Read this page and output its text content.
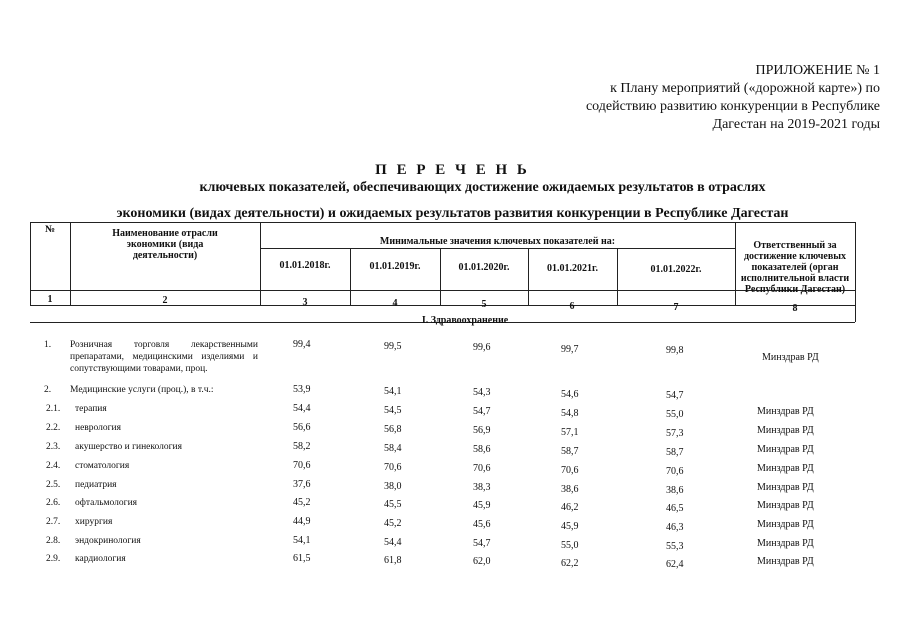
ПРИЛОЖЕНИЕ № 1
к Плану мероприятий («дорожной карте») по
содействию развитию конкуренции в Республике
Дагестан на 2019-2021 годы
П Е Р Е Ч Е Н Ь
ключевых показателей, обеспечивающих достижение ожидаемых результатов в отраслях
экономики (видах деятельности) и ожидаемых результатов развития конкуренции в Республике Дагестан
№	Наименование отрасли экономики (вида деятельности)
Минимальные значения ключевых показателей на:	Ответственный за достижение ключевых показателей (орган исполнительной власти Республики Дагестан)
01.01.2018г.	01.01.2019г.	01.01.2020г.	01.01.2021г.	01.01.2022г.
1	2	3	4	5	6	7	8
I. Здравоохранение
1. Розничная торговля лекарственными препаратами, медицинскими изделиями и сопутствующими товарами, проц.
99,4	99,5	99,6	99,7	99,8
Минздрав РД
2. Медицинские услуги (проц.), в т.ч.:	53,9	54,1	54,3	54,6	54,7
2.1. терапия	54,4	54,5	54,7	54,8	55,0	Минздрав РД
2.2. неврология	56,6	56,8	56,9	57,1	57,3	Минздрав РД
2.3. акушерство и гинекология	58,2	58,4	58,6	58,7	58,7	Минздрав РД
2.4. стоматология	70,6	70,6	70,6	70,6	70,6	Минздрав РД
2.5. педиатрия	37,6	38,0	38,3	38,6	38,6	Минздрав РД
2.6. офтальмология	45,2	45,5	45,9	46,2	46,5	Минздрав РД
2.7. хирургия	44,9	45,2	45,6	45,9	46,3	Минздрав РД
2.8. эндокринология	54,1	54,4	54,7	55,0	55,3	Минздрав РД
2.9. кардиология	61,5	61,8	62,0	62,2	62,4	Минздрав РД
